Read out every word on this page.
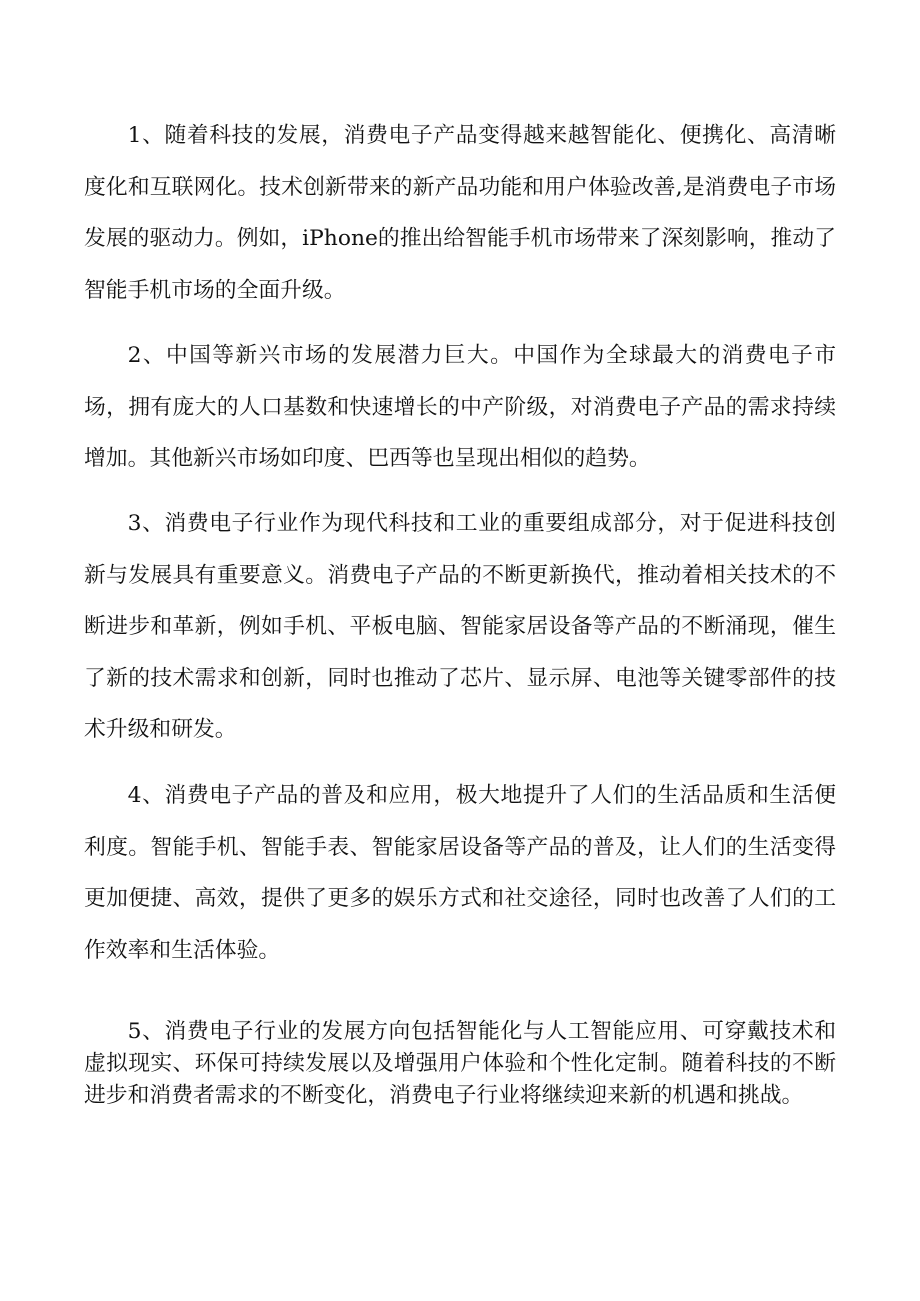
1、随着科技的发展，消费电子产品变得越来越智能化、便携化、高清晰度化和互联网化。技术创新带来的新产品功能和用户体验改善,是消费电子市场发展的驱动力。例如，iPhone的推出给智能手机市场带来了深刻影响，推动了智能手机市场的全面升级。

2、中国等新兴市场的发展潜力巨大。中国作为全球最大的消费电子市场，拥有庞大的人口基数和快速增长的中产阶级，对消费电子产品的需求持续增加。其他新兴市场如印度、巴西等也呈现出相似的趋势。

3、消费电子行业作为现代科技和工业的重要组成部分，对于促进科技创新与发展具有重要意义。消费电子产品的不断更新换代，推动着相关技术的不断进步和革新，例如手机、平板电脑、智能家居设备等产品的不断涌现，催生了新的技术需求和创新，同时也推动了芯片、显示屏、电池等关键零部件的技术升级和研发。

4、消费电子产品的普及和应用，极大地提升了人们的生活品质和生活便利度。智能手机、智能手表、智能家居设备等产品的普及，让人们的生活变得更加便捷、高效，提供了更多的娱乐方式和社交途径，同时也改善了人们的工作效率和生活体验。

5、消费电子行业的发展方向包括智能化与人工智能应用、可穿戴技术和虚拟现实、环保可持续发展以及增强用户体验和个性化定制。随着科技的不断进步和消费者需求的不断变化，消费电子行业将继续迎来新的机遇和挑战。
